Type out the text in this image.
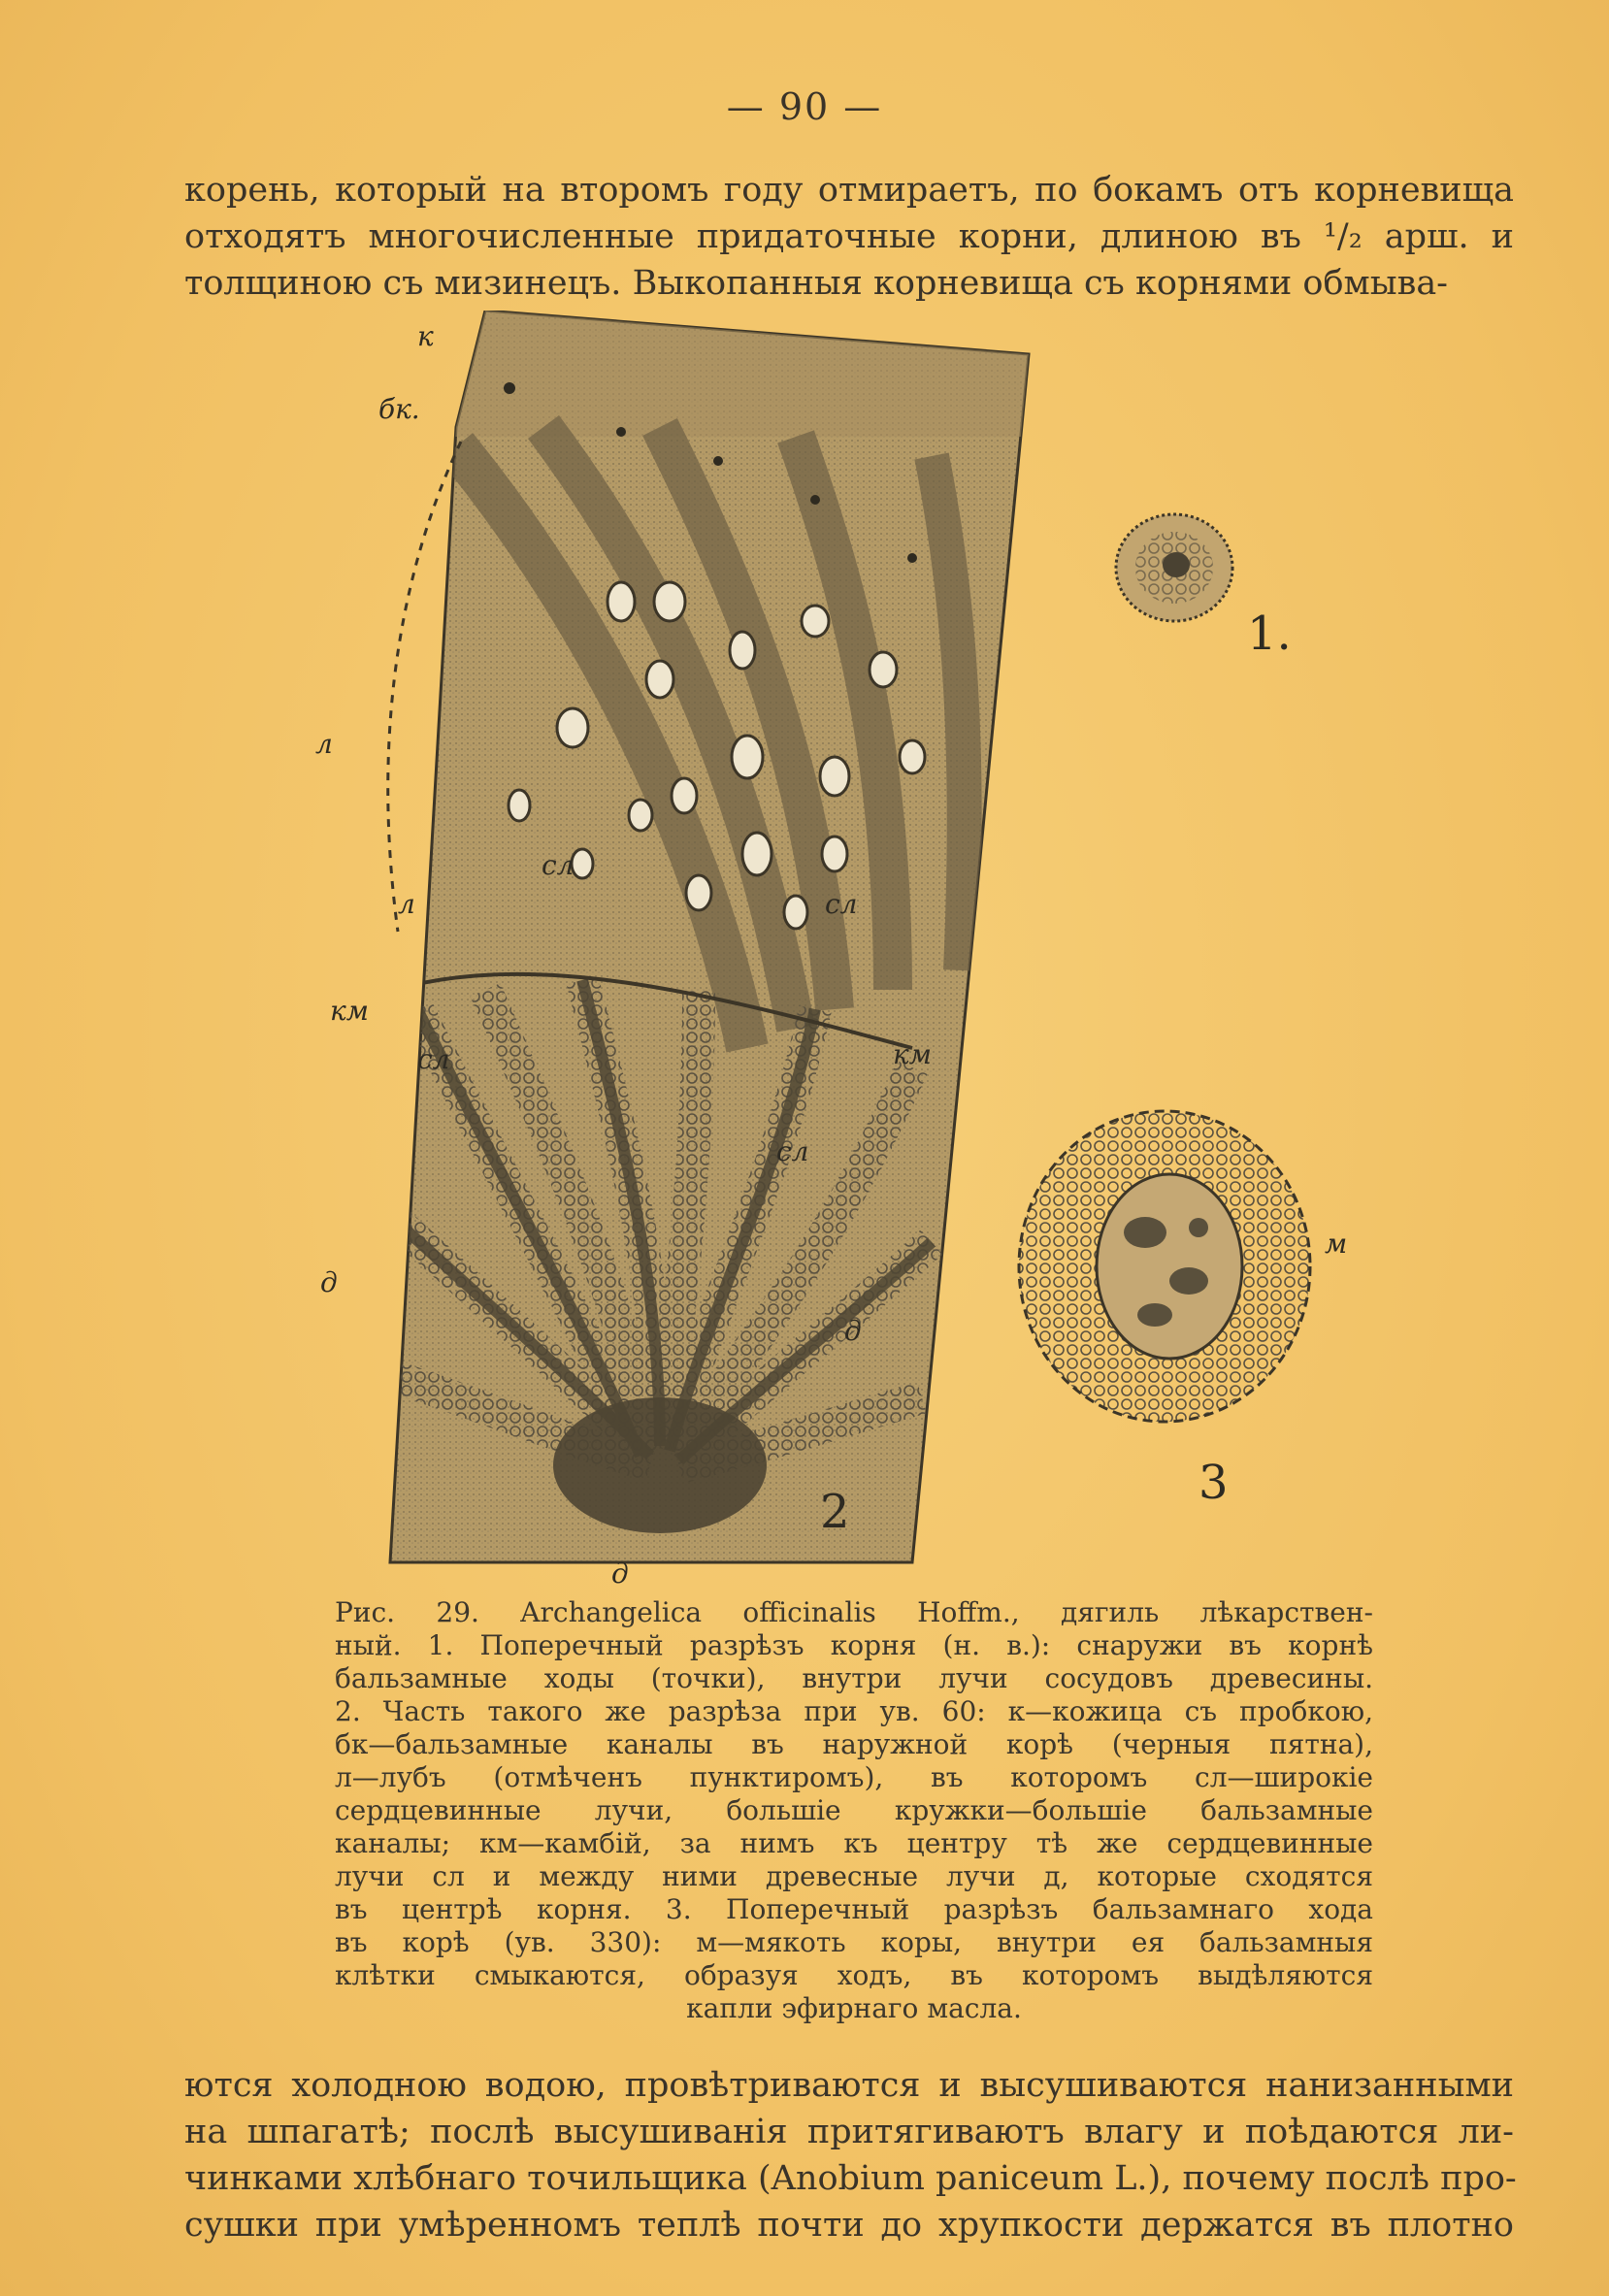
— 90 —
корень, который на второмъ году отмираетъ, по бокамъ отъ корневища
отходятъ многочисленные придаточные корни, длиною въ ¹/₂ арш. и
толщиною съ мизинецъ. Выкопанныя корневища съ корнями обмыва-
к
бк.
л
л
км
сл
сл
км
сл
сл
д
д
д
м
1.
2
3
Рис. 29. Archangelica officinalis Hoffm., дягиль лѣкарствен-
ный. 1. Поперечный разрѣзъ корня (н. в.): снаружи въ корнѣ
бальзамные ходы (точки), внутри лучи сосудовъ древесины.
2. Часть такого же разрѣза при ув. 60: к—кожица съ пробкою,
бк—бальзамные каналы въ наружной корѣ (черныя пятна),
л—лубъ (отмѣченъ пунктиромъ), въ которомъ сл—широкіе
сердцевинные лучи, большіе кружки—большіе бальзамные
каналы; км—камбій, за нимъ къ центру тѣ же сердцевинные
лучи сл и между ними древесные лучи д, которые сходятся
въ центрѣ корня. 3. Поперечный разрѣзъ бальзамнаго хода
въ корѣ (ув. 330): м—мякоть коры, внутри ея бальзамныя
клѣтки смыкаются, образуя ходъ, въ которомъ выдѣляются
капли эфирнаго масла.
ются холодною водою, провѣтриваются и высушиваются нанизанными
на шпагатѣ; послѣ высушиванія притягиваютъ влагу и поѣдаются ли-
чинками хлѣбнаго точильщика (Anobium paniceum L.), почему послѣ про-
сушки при умѣренномъ теплѣ почти до хрупкости держатся въ плотно
